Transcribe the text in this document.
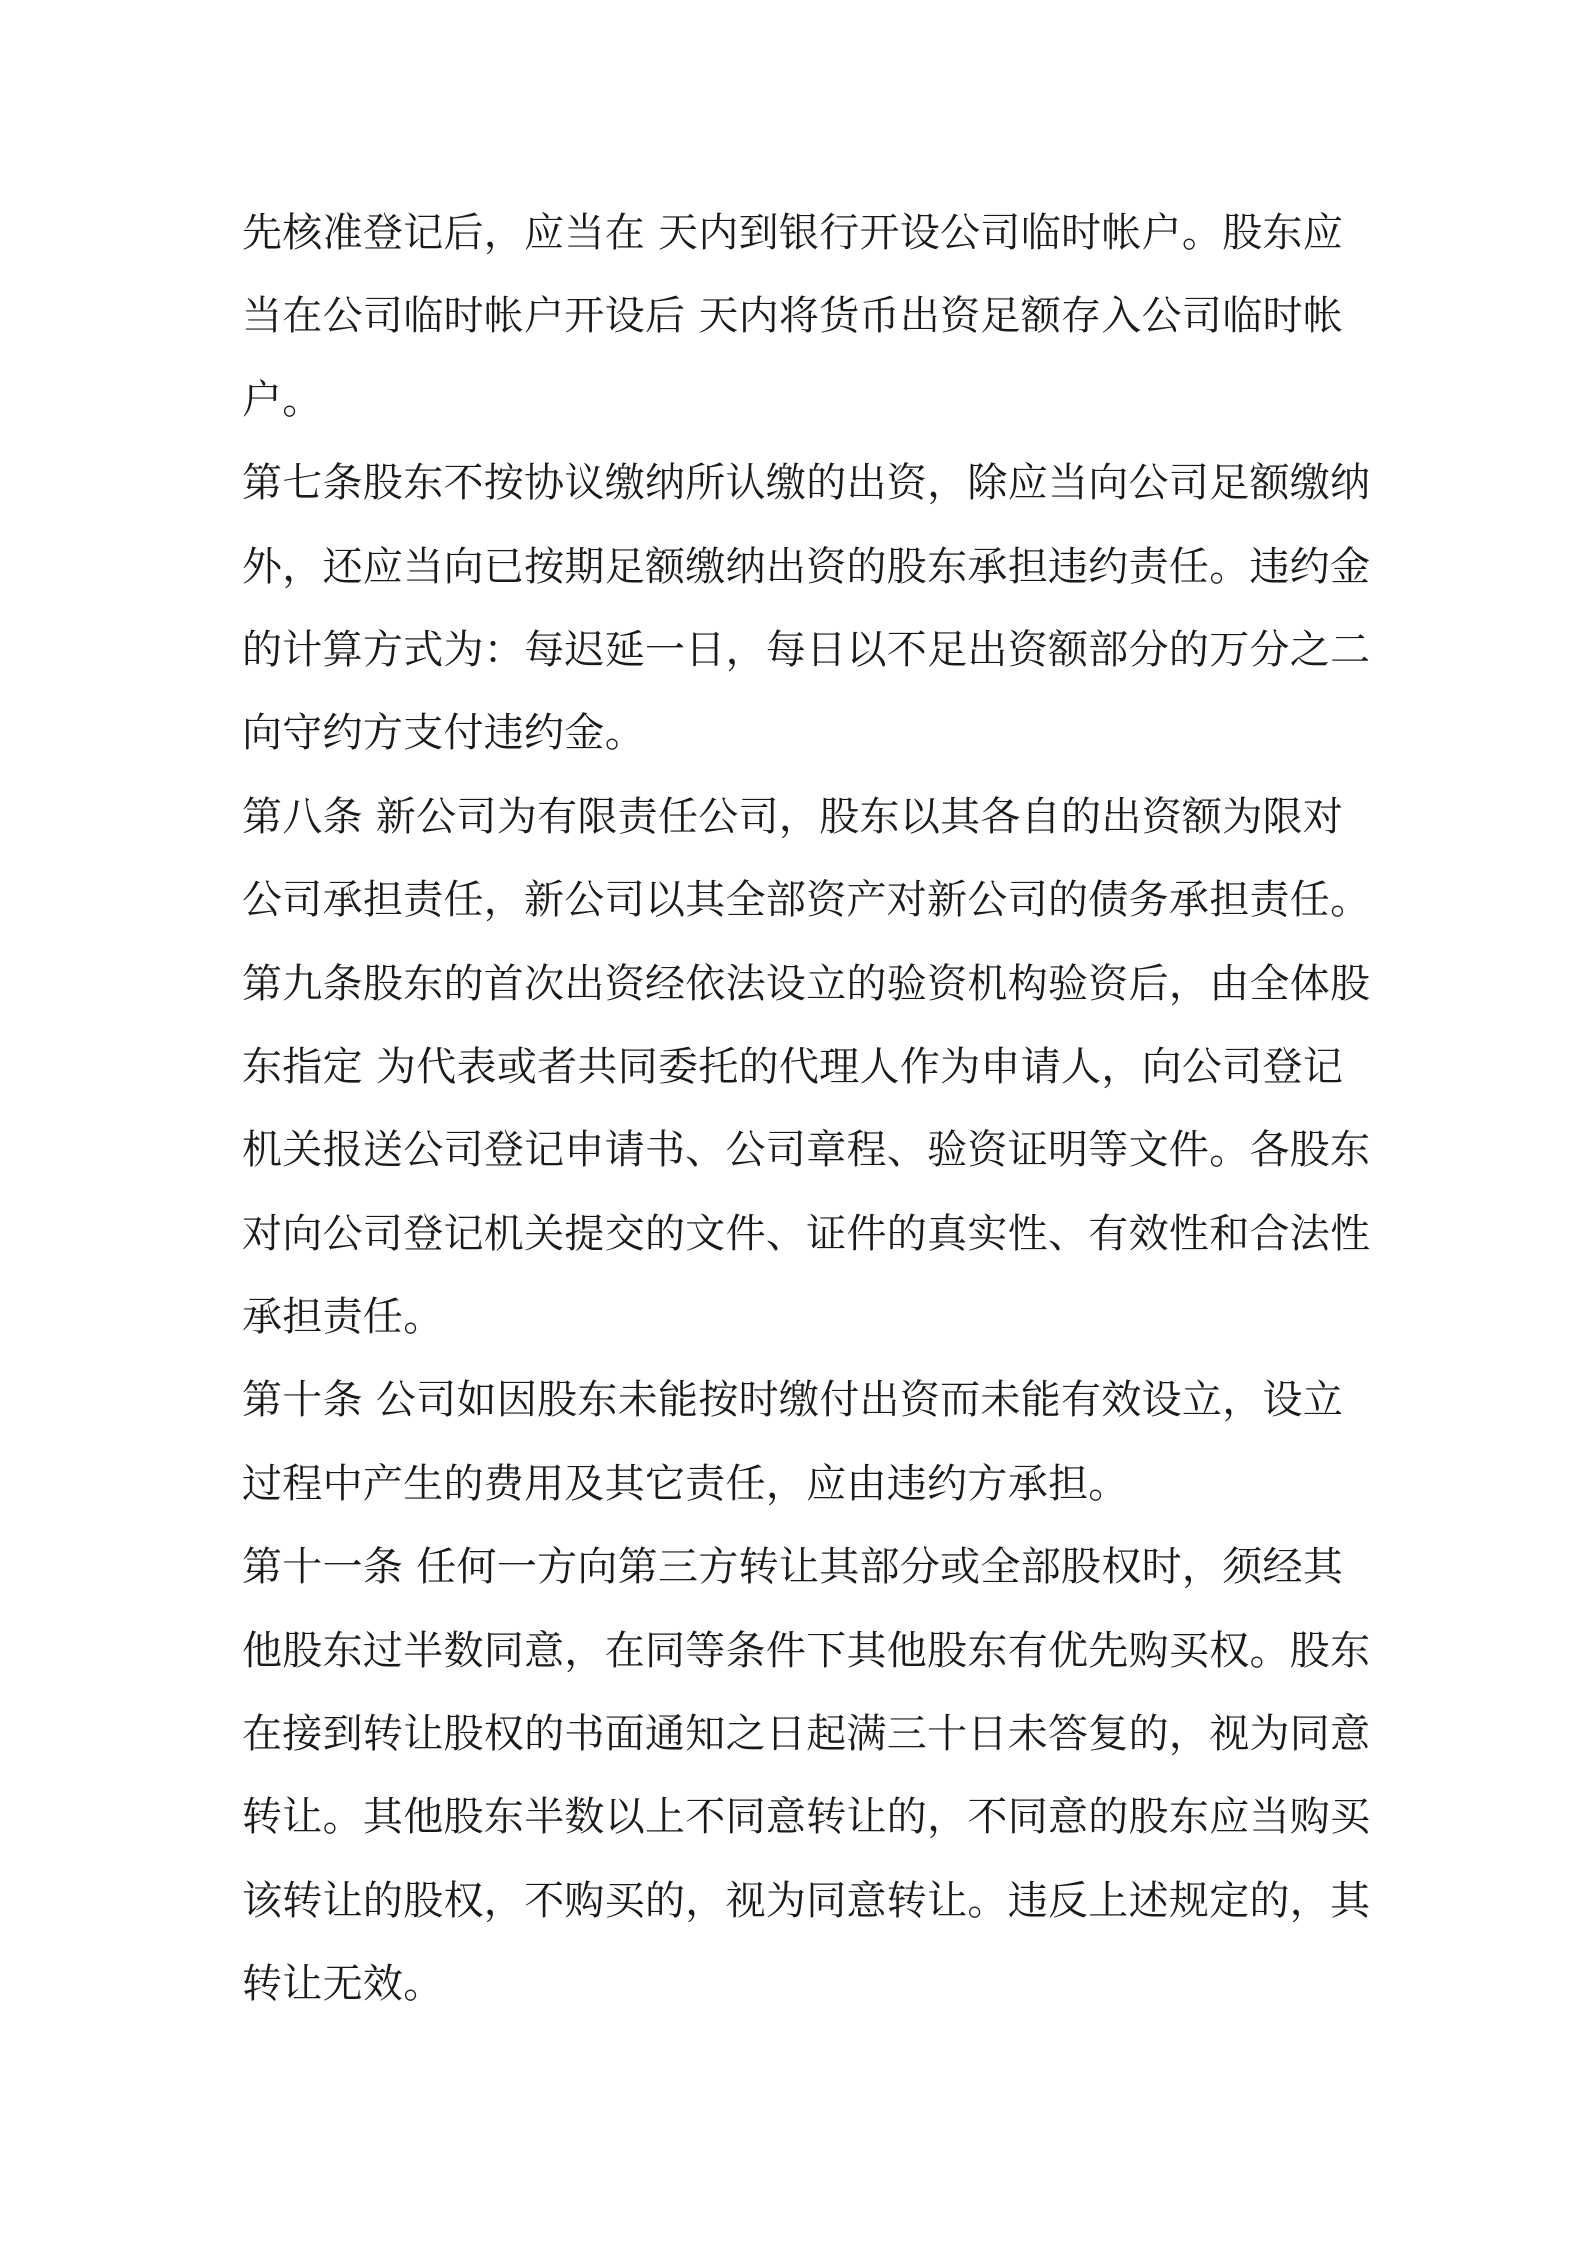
先核准登记后，应当在 天内到银行开设公司临时帐户。股东应
当在公司临时帐户开设后 天内将货币出资足额存入公司临时帐
户。
第七条股东不按协议缴纳所认缴的出资，除应当向公司足额缴纳
外，还应当向已按期足额缴纳出资的股东承担违约责任。违约金
的计算方式为：每迟延一日，每日以不足出资额部分的万分之二
向守约方支付违约金。
第八条 新公司为有限责任公司，股东以其各自的出资额为限对
公司承担责任，新公司以其全部资产对新公司的债务承担责任。
第九条股东的首次出资经依法设立的验资机构验资后，由全体股
东指定 为代表或者共同委托的代理人作为申请人，向公司登记
机关报送公司登记申请书、公司章程、验资证明等文件。各股东
对向公司登记机关提交的文件、证件的真实性、有效性和合法性
承担责任。
第十条 公司如因股东未能按时缴付出资而未能有效设立，设立
过程中产生的费用及其它责任，应由违约方承担。
第十一条 任何一方向第三方转让其部分或全部股权时，须经其
他股东过半数同意，在同等条件下其他股东有优先购买权。股东
在接到转让股权的书面通知之日起满三十日未答复的，视为同意
转让。其他股东半数以上不同意转让的，不同意的股东应当购买
该转让的股权，不购买的，视为同意转让。违反上述规定的，其
转让无效。
